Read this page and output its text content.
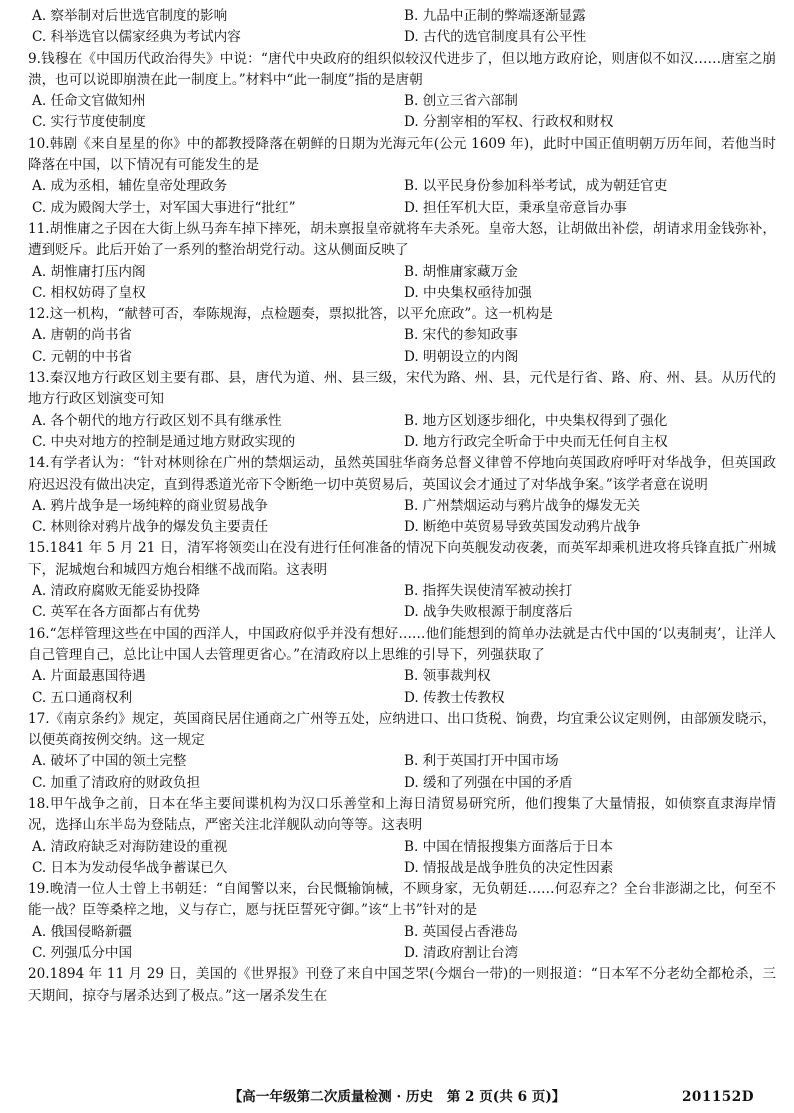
A. 察举制对后世选官制度的影响	B. 九品中正制的弊端逐渐显露
C. 科举选官以儒家经典为考试内容	D. 古代的选官制度具有公平性
9.钱穆在《中国历代政治得失》中说：“唐代中央政府的组织似较汉代进步了，但以地方政府论，则唐似不如汉……唐室之崩溃，也可以说即崩溃在此一制度上。”材料中“此一制度”指的是唐朝
A. 任命文官做知州	B. 创立三省六部制
C. 实行节度使制度	D. 分割宰相的军权、行政权和财权
10.韩剧《来自星星的你》中的都教授降落在朝鲜的日期为光海元年(公元 1609 年)，此时中国正值明朝万历年间，若他当时降落在中国，以下情况有可能发生的是
A. 成为丞相，辅佐皇帝处理政务	B. 以平民身份参加科举考试，成为朝廷官吏
C. 成为殿阁大学士，对军国大事进行“批红”	D. 担任军机大臣，秉承皇帝意旨办事
11.胡惟庸之子因在大街上纵马奔车掉下摔死，胡未禀报皇帝就将车夫杀死。皇帝大怒，让胡做出补偿，胡请求用金钱弥补，遭到贬斥。此后开始了一系列的整治胡党行动。这从侧面反映了
A. 胡惟庸打压内阁	B. 胡惟庸家藏万金
C. 相权妨碍了皇权	D. 中央集权亟待加强
12.这一机构，“献替可否，奉陈规海，点检题奏，票拟批答，以平允庶政”。这一机构是
A. 唐朝的尚书省	B. 宋代的参知政事
C. 元朝的中书省	D. 明朝设立的内阁
13.秦汉地方行政区划主要有郡、县，唐代为道、州、县三级，宋代为路、州、县，元代是行省、路、府、州、县。从历代的地方行政区划演变可知
A. 各个朝代的地方行政区划不具有继承性	B. 地方区划逐步细化，中央集权得到了强化
C. 中央对地方的控制是通过地方财政实现的	D. 地方行政完全听命于中央而无任何自主权
14.有学者认为：“针对林则徐在广州的禁烟运动，虽然英国驻华商务总督义律曾不停地向英国政府呼吁对华战争，但英国政府迟迟没有做出决定，直到得悉道光帝下令断绝一切中英贸易后，英国议会才通过了对华战争案。”该学者意在说明
A. 鸦片战争是一场纯粹的商业贸易战争	B. 广州禁烟运动与鸦片战争的爆发无关
C. 林则徐对鸦片战争的爆发负主要责任	D. 断绝中英贸易导致英国发动鸦片战争
15.1841 年 5 月 21 日，清军将领奕山在没有进行任何准备的情况下向英舰发动夜袭，而英军却乘机进攻将兵锋直抵广州城下，泥城炮台和城四方炮台相继不战而陷。这表明
A. 清政府腐败无能妥协投降	B. 指挥失误使清军被动挨打
C. 英军在各方面都占有优势	D. 战争失败根源于制度落后
16.“怎样管理这些在中国的西洋人，中国政府似乎并没有想好……他们能想到的简单办法就是古代中国的‘以夷制夷’，让洋人自己管理自己，总比让中国人去管理更省心。”在清政府以上思维的引导下，列强获取了
A. 片面最惠国待遇	B. 领事裁判权
C. 五口通商权利	D. 传教士传教权
17.《南京条约》规定，英国商民居住通商之广州等五处，应纳进口、出口货税、饷费，均宜秉公议定则例，由部颁发晓示，以便英商按例交纳。这一规定
A. 破坏了中国的领土完整	B. 利于英国打开中国市场
C. 加重了清政府的财政负担	D. 缓和了列强在中国的矛盾
18.甲午战争之前，日本在华主要间谍机构为汉口乐善堂和上海日清贸易研究所，他们搜集了大量情报，如侦察直隶海岸情况，选择山东半岛为登陆点，严密关注北洋舰队动向等等。这表明
A. 清政府缺乏对海防建设的重视	B. 中国在情报搜集方面落后于日本
C. 日本为发动侵华战争蓄谋已久	D. 情报战是战争胜负的决定性因素
19.晚清一位人士曾上书朝廷：“自闻警以来，台民慨输饷械，不顾身家，无负朝廷……何忍弃之？全台非澎湖之比，何至不能一战？臣等桑梓之地，义与存亡，愿与抚臣誓死守御。”该“上书”针对的是
A. 俄国侵略新疆	B. 英国侵占香港岛
C. 列强瓜分中国	D. 清政府割让台湾
20.1894 年 11 月 29 日，美国的《世界报》刊登了来自中国芝罘(今烟台一带)的一则报道：“日本军不分老幼全都枪杀，三天期间，掠夺与屠杀达到了极点。”这一屠杀发生在
【高一年级第二次质量检测 · 历史　第 2 页(共 6 页)】	201152D
